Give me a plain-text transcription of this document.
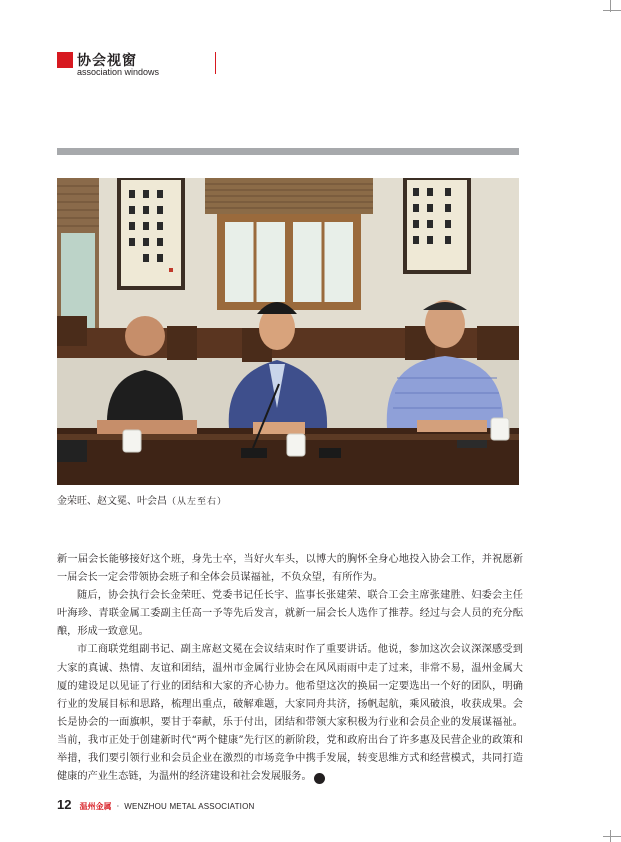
协会视窗
association windows
金荣旺、赵文冕、叶会昌（从左至右）

新一届会长能够接好这个班，身先士卒，当好火车头，以博大的胸怀全身心地投入协会工作，并祝愿新一届会长一定会带领协会班子和全体会员谋福祉，不负众望，有所作为。

随后，协会执行会长金荣旺、党委书记任长宇、监事长张建荣、联合工会主席张建胜、妇委会主任叶海珍、青联金属工委副主任高一予等先后发言，就新一届会长人选作了推荐。经过与会人员的充分酝酿，形成一致意见。

市工商联党组副书记、副主席赵文冕在会议结束时作了重要讲话。他说，参加这次会议深深感受到大家的真诚、热情、友谊和团结，温州市金属行业协会在风风雨雨中走了过来，非常不易，温州金属大厦的建设足以见证了行业的团结和大家的齐心协力。他希望这次的换届一定要选出一个好的团队，明确行业的发展目标和思路，梳理出重点，破解难题，大家同舟共济，扬帆起航，乘风破浪，收获成果。会长是协会的一面旗帜，要甘于奉献，乐于付出，团结和带领大家积极为行业和会员企业的发展谋福祉。当前，我市正处于创建新时代“两个健康”先行区的新阶段，党和政府出台了许多惠及民营企业的政策和举措，我们要引领行业和会员企业在激烈的市场竞争中携手发展，转变思维方式和经营模式，共同打造健康的产业生态链，为温州的经济建设和社会发展服务。	⌂

12 温州金属 · WENZHOU METAL ASSOCIATION
